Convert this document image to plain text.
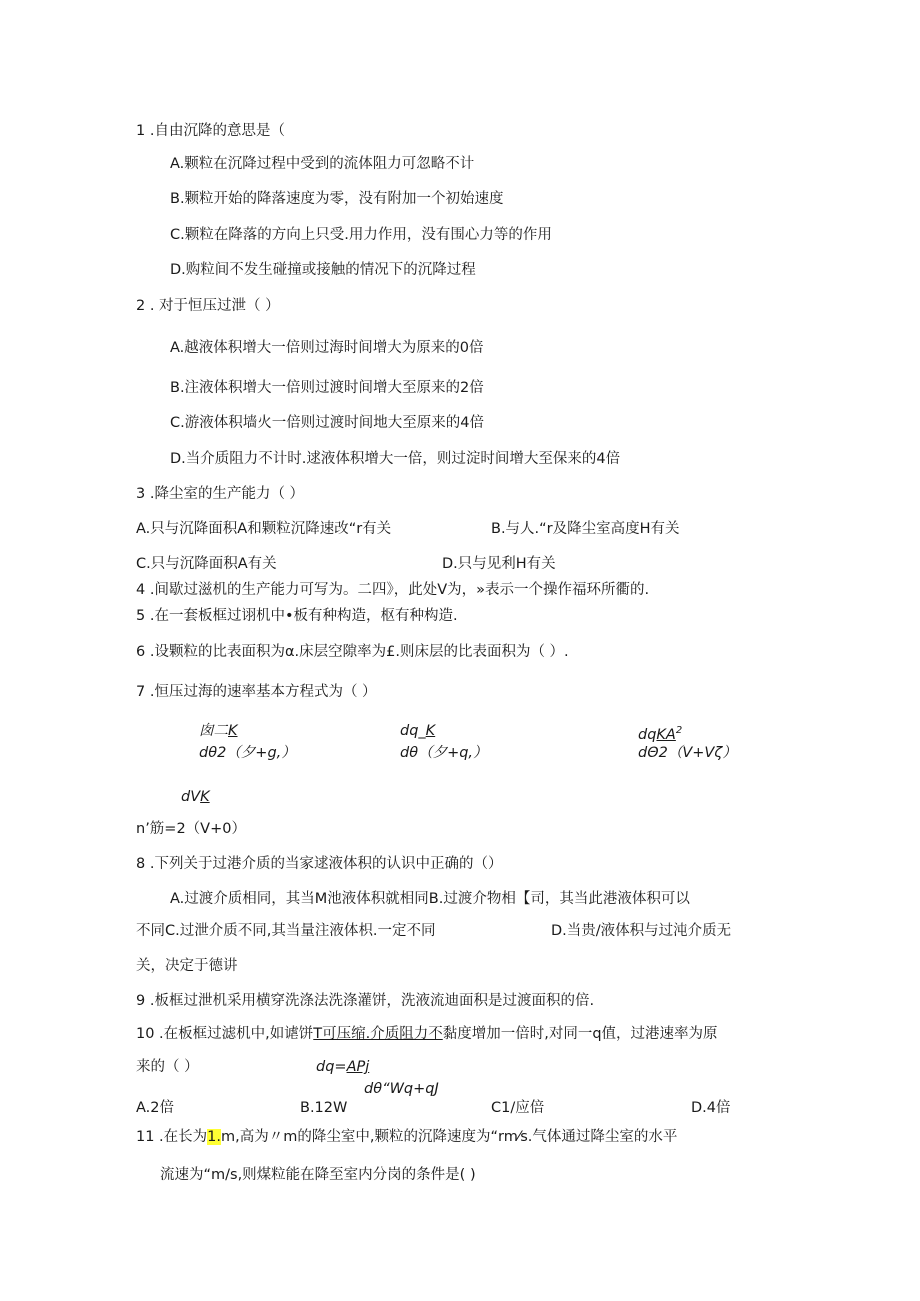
1 .自由沉降的意思是（
A.颗粒在沉降过程中受到的流体阻力可忽略不计
B.颗粒开始的降落速度为零，没有附加一个初始速度
C.颗粒在降落的方向上只受.用力作用，没有围心力等的作用
D.购粒间不发生碰撞或接触的情况下的沉降过程
2 . 对于恒压过泄（ ）
A.越液体积增大一倍则过海时间增大为原来的0倍
B.注液体积增大一倍则过渡时间增大至原来的2倍
C.游液体积墙火一倍则过渡时间地大至原来的4倍
D.当介质阻力不计时.逑液体积增大一倍，则过淀时间增大至保来的4倍
3 .降尘室的生产能力（ ）
A.只与沉降面积A和颗粒沉降速改“r有关	B.与人.“r及降尘室高度H有关
C.只与沉降面积A有关	D.只与见利H有关
4 .间歇过滋机的生产能力可写为。二四》，此处V为，»表示一个操作福环所衢的.
5 .在一套板框过诩机中•板有种构造，枢有种构造.
6 .设颗粒的比表面积为α.床层空隙率为£.则床层的比表面积为（ ）.
7 .恒压过海的速率基本方程式为（ ）
囱二K
dθ2（夕+g,）
dq_K
dθ（夕+q,）
dqKA$^2$
dΘ2（V+Vζ）
dVK
n’筋=2（V+0）
8 .下列关于过港介质的当家逑液体积的认识中正确的（）
A.过渡介质相同，其当M池液体积就相同B.过渡介物相【司，其当此港液体积可以
不同C.过泄介质不同,其当量注液体枳.一定不同	D.当贵/液体积与过沌介质无
关，决定于德讲
9 .板框过泄机采用横穿洗涤法洗涤灌饼，洗液流迪面积是过渡面积的倍.
10 .在板框过滤机中,如谑饼T可压缩.介质阻力不黏度增加一倍时,对同一q值，过港速率为原
来的（ ）	dq=APj
dθ“Wq+qJ
A.2倍	B.12W	C1/应倍	D.4倍
11 .在长为1.m,高为〃m的降尘室中,颗粒的沉降速度为“rm⁄s.气体通过降尘室的水平
流速为“m/s,则煤粒能在降至室内分岗的条件是( )
